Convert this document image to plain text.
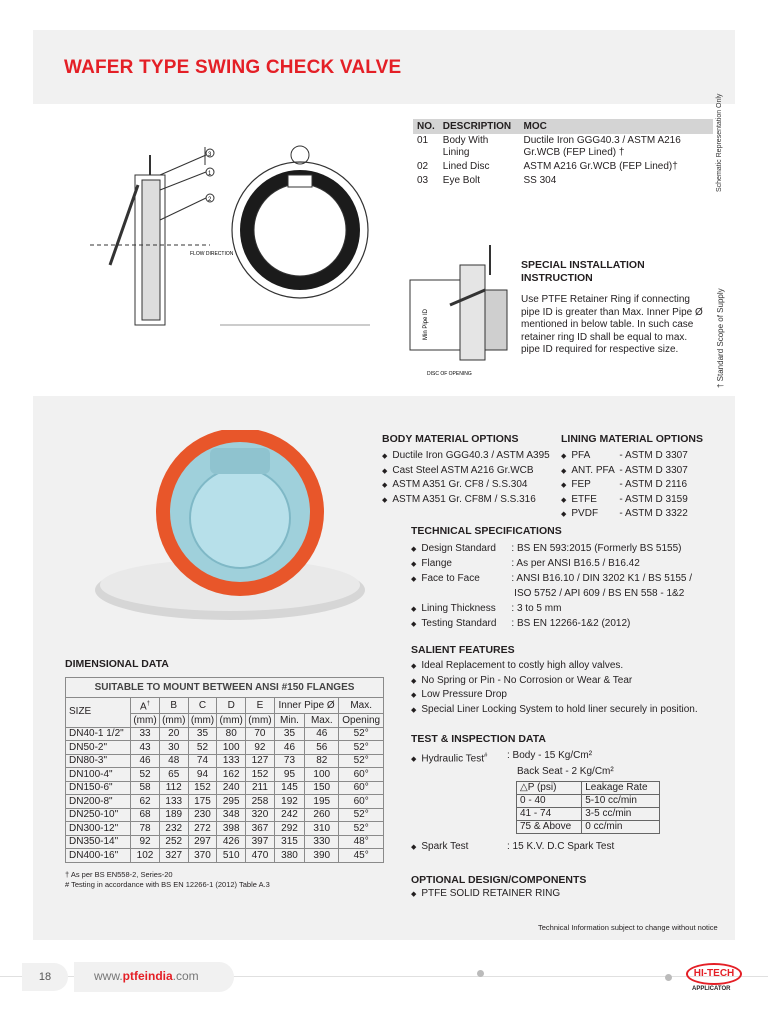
WAFER TYPE SWING CHECK VALVE
3
1
2
FLOW DIRECTION
NO.	DESCRIPTION	MOC
01	Body With Lining	Ductile Iron GGG40.3 / ASTM A216 Gr.WCB (FEP Lined) †
02	Lined Disc	ASTM A216 Gr.WCB (FEP Lined)†
03	Eye Bolt	SS 304	Schematic Representation Only
† Standard Scope of Supply
DISC OF OPENING
Min Pipe ID
SPECIAL INSTALLATION
INSTRUCTION
Use PTFE Retainer Ring if connecting
pipe ID is greater than Max. Inner Pipe Ø
mentioned in below table. In such case
retainer ring ID shall be equal to max.
pipe ID required for respective size.
BODY MATERIAL OPTIONS
◆ Ductile Iron GGG40.3 / ASTM A395
◆ Cast Steel ASTM A216 Gr.WCB
◆ ASTM A351 Gr. CF8 / S.S.304
◆ ASTM A351 Gr. CF8M / S.S.316
LINING MATERIAL OPTIONS
◆ PFA	- ASTM D 3307
◆ ANT. PFA - ASTM D 3307
◆ FEP	- ASTM D 2116
◆ ETFE - ASTM D 3159
◆ PVDF - ASTM D 3322
TECHNICAL SPECIFICATIONS
◆ Design Standard : BS EN 593:2015 (Formerly BS 5155)
◆ Flange	: As per ANSI B16.5 / B16.42
◆ Face to Face	: ANSI B16.10 / DIN 3202 K1 / BS 5155 /
ISO 5752 / API 609 / BS EN 558 - 1&2
◆ Lining Thickness : 3 to 5 mm
◆ Testing Standard : BS EN 12266-1&2 (2012)
SALIENT FEATURES
◆ Ideal Replacement to costly high alloy valves.
◆ No Spring or Pin - No Corrosion or Wear & Tear
◆ Low Pressure Drop
◆ Special Liner Locking System to hold liner securely in position.
TEST & INSPECTION DATA
◆ Hydraulic Test# : Body - 15 Kg/Cm²
Back Seat - 2 Kg/Cm²
△P (psi)	Leakage Rate
0 - 40	5-10 cc/min
41 - 74	3-5 cc/min
75 & Above	0 cc/min
◆ Spark Test	: 15 K.V. D.C Spark Test
OPTIONAL DESIGN/COMPONENTS
◆ PTFE SOLID RETAINER RING
DIMENSIONAL DATA
SUITABLE TO MOUNT BETWEEN ANSI #150 FLANGES								
SIZE	A†	B	C	D	E	Inner Pipe Ø		Max.
	(mm)	(mm)	(mm)	(mm)	(mm)	Min.	Max.	Opening
DN40-1 1/2"	33	20	35	80	70	35	46	52°
DN50-2"	43	30	52	100	92	46	56	52°
DN80-3"	46	48	74	133	127	73	82	52°
DN100-4"	52	65	94	162	152	95	100	60°
DN150-6"	58	112	152	240	211	145	150	60°
DN200-8"	62	133	175	295	258	192	195	60°
DN250-10"	68	189	230	348	320	242	260	52°
DN300-12"	78	232	272	398	367	292	310	52°
DN350-14"	92	252	297	426	397	315	330	48°
DN400-16"	102	327	370	510	470	380	390	45°
† As per BS EN558-2, Series-20
# Testing in accordance with BS EN 12266-1 (2012) Table A.3
Technical Information subject to change without notice
18	www.ptfeindia.com	HI-TECH
APPLICATOR
